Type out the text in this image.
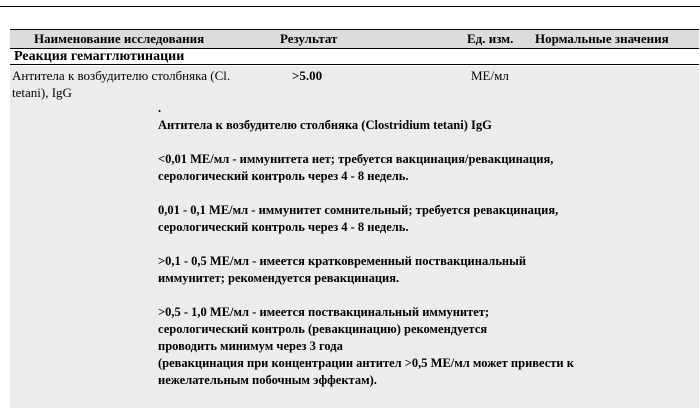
Наименование исследования	Результат	Ед. изм. Нормальные значения
Реакция гемагглютинации
Антитела к возбудителю столбняка (Cl. tetani), IgG
>5.00	МЕ/мл

.

Антитела к возбудителю столбняка (Clostridium tetani) IgG

<0,01 МЕ/мл - иммунитета нет; требуется вакцинация/ревакцинация,

серологический контроль через 4 - 8 недель.

0,01 - 0,1 МЕ/мл - иммунитет сомнительный; требуется ревакцинация,

серологический контроль через 4 - 8 недель.

>0,1 - 0,5 МЕ/мл - имеется кратковременный поствакцинальный

иммунитет; рекомендуется ревакцинация.

>0,5 - 1,0 МЕ/мл - имеется поствакцинальный иммунитет;

серологический контроль (ревакцинацию) рекомендуется

проводить минимум через 3 года

(ревакцинация при концентрации антител >0,5 МЕ/мл может привести к

нежелательным побочным эффектам).
